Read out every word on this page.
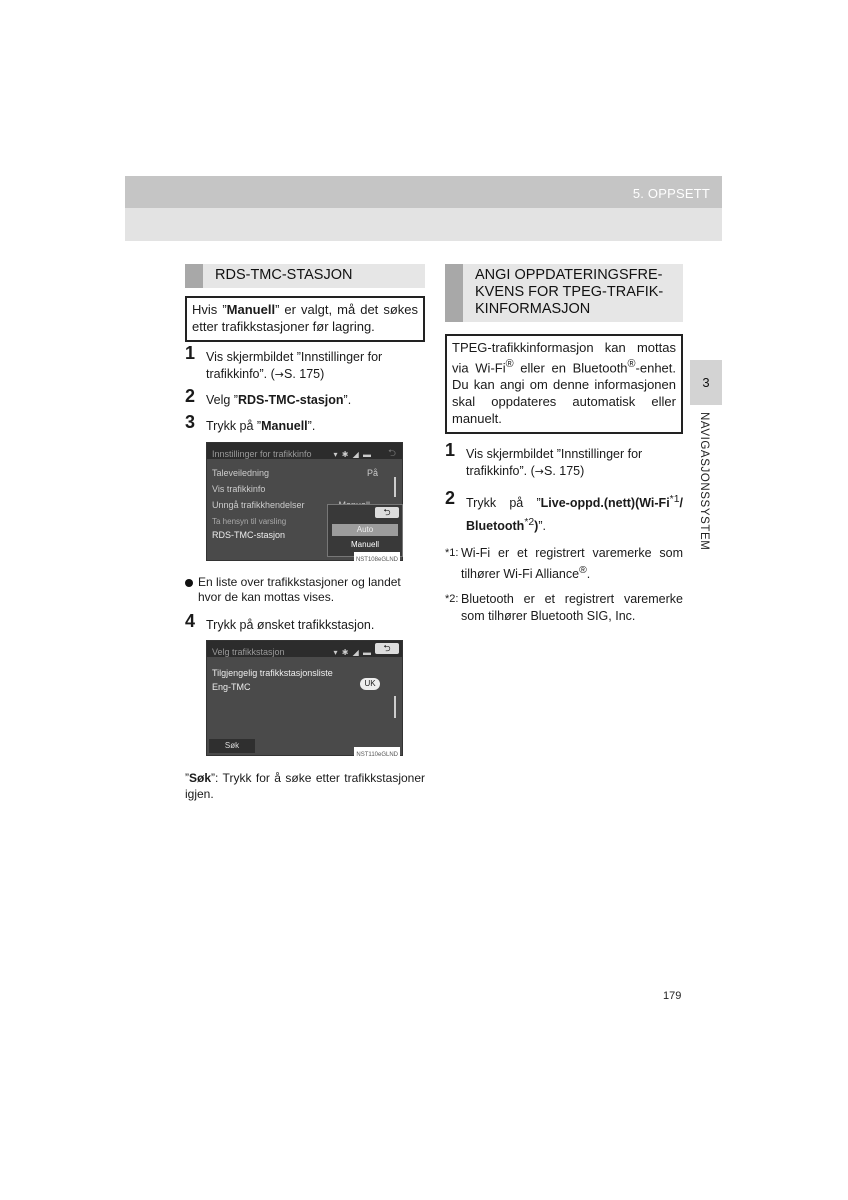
5. OPPSETT
RDS-TMC-STASJON
Hvis ”Manuell” er valgt, må det søkes etter trafikkstasjoner før lagring.
1 Vis skjermbildet ”Innstillinger for trafikkinfo”. (→S. 175)
2 Velg ”RDS-TMC-stasjon”.
3 Trykk på ”Manuell”.
Innstillinger for trafikkinfo	▾ ✱ ◢ ▬ ⮌
Taleveiledning	På
Vis trafikkinfo
Unngå trafikkhendelser
Ta hensyn til varsling
RDS-TMC-stasjon
⮌
Auto
Manuell
NST108eGLND
En liste over trafikkstasjoner og landet hvor de kan mottas vises.
4 Trykk på ønsket trafikkstasjon.
Velg trafikkstasjon	▾ ✱ ◢ ▬	⮌
Tilgjengelig trafikkstasjonsliste
Eng-TMC	UK
Søk
NST110eGLND
”Søk”: Trykk for å søke etter trafikkstasjoner igjen.
ANGI OPPDATERINGSFRE-
KVENS FOR TPEG-TRAFIK-
KINFORMASJON
TPEG-trafikkinformasjon kan mottas via Wi-Fi® eller en Bluetooth®-enhet. Du kan angi om denne informasjonen skal oppdateres automatisk eller manuelt.
1 Vis skjermbildet ”Innstillinger for trafikkinfo”. (→S. 175)
2 Trykk på ”Live-oppd.(nett)(Wi-Fi$^{*1}$/ Bluetooth$^{*2}$)”.
*1: Wi-Fi er et registrert varemerke som tilhører Wi-Fi Alliance®.
*2: Bluetooth er et registrert varemerke som tilhører Bluetooth SIG, Inc.
3
NAVIGASJONSSYSTEM
179
